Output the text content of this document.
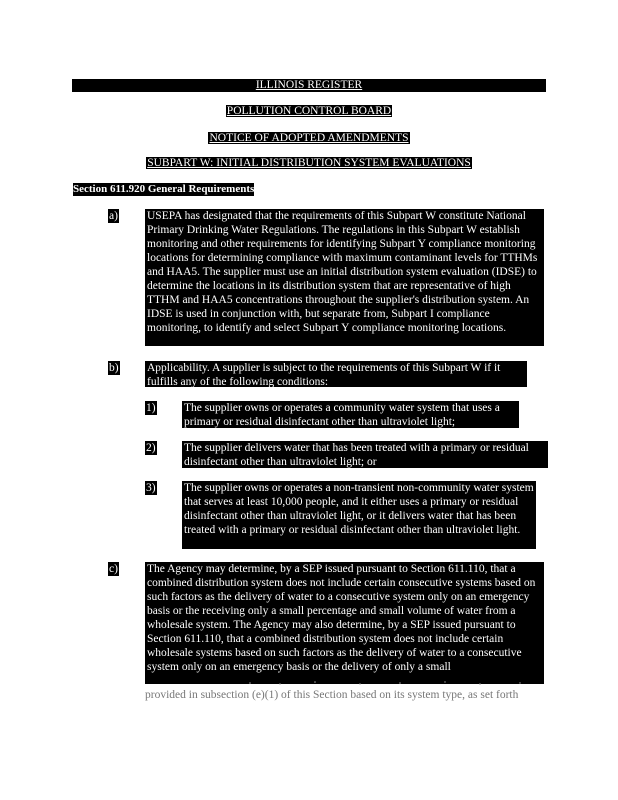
ILLINOIS REGISTER
POLLUTION CONTROL BOARD
NOTICE OF ADOPTED AMENDMENTS
SUBPART W: INITIAL DISTRIBUTION SYSTEM EVALUATIONS
Section 611.920 General Requirements
a)	USEPA has designated that the requirements of this Subpart W constitute National Primary Drinking Water Regulations. The regulations in this Subpart W establish monitoring and other requirements for identifying Subpart Y compliance monitoring locations for determining compliance with maximum contaminant levels for TTHMs and HAA5. The supplier must use an initial distribution system evaluation (IDSE) to determine the locations in its distribution system that are representative of high TTHM and HAA5 concentrations throughout the supplier's distribution system. An IDSE is used in conjunction with, but separate from, Subpart I compliance monitoring, to identify and select Subpart Y compliance monitoring locations.

b) Applicability. A supplier is subject to the requirements of this Subpart W if it fulfills any of the following conditions:

1) The supplier owns or operates a community water system that uses a primary or residual disinfectant other than ultraviolet light;

2) The supplier delivers water that has been treated with a primary or residual disinfectant other than ultraviolet light; or

3) The supplier owns or operates a non-transient non-community water system that serves at least 10,000 people, and it either uses a primary or residual disinfectant other than ultraviolet light, or it delivers water that has been treated with a primary or residual disinfectant other than ultraviolet light.

c)	The Agency may determine, by a SEP issued pursuant to Section 611.110, that a combined distribution system does not include certain consecutive systems based on such factors as the delivery of water to a consecutive system only on an emergency basis or the receiving only a small percentage and small volume of water from a wholesale system. The Agency may also determine, by a SEP issued pursuant to Section 611.110, that a combined distribution system does not include certain wholesale systems based on such factors as the delivery of water to a consecutive system only on an emergency basis or the delivery of only a small

provided in subsection (e)(1) of this Section based on its system type, as set forth
